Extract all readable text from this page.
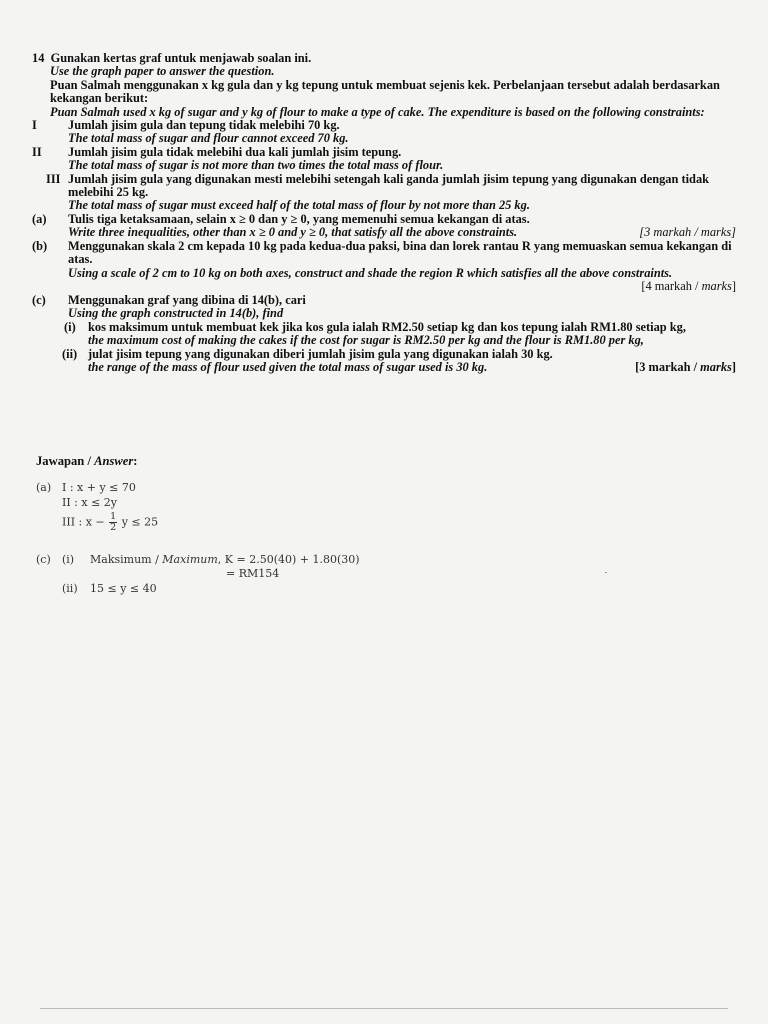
14 Gunakan kertas graf untuk menjawab soalan ini.
Use the graph paper to answer the question.
Puan Salmah menggunakan x kg gula dan y kg tepung untuk membuat sejenis kek. Perbelanjaan tersebut adalah berdasarkan kekangan berikut:
Puan Salmah used x kg of sugar and y kg of flour to make a type of cake. The expenditure is based on the following constraints:
I	Jumlah jisim gula dan tepung tidak melebihi 70 kg.
The total mass of sugar and flour cannot exceed 70 kg.
II Jumlah jisim gula tidak melebihi dua kali jumlah jisim tepung.
The total mass of sugar is not more than two times the total mass of flour.
III Jumlah jisim gula yang digunakan mesti melebihi setengah kali ganda jumlah jisim tepung yang digunakan dengan tidak melebihi 25 kg.
The total mass of sugar must exceed half of the total mass of flour by not more than 25 kg.
(a) Tulis tiga ketaksamaan, selain x ≥ 0 dan y ≥ 0, yang memenuhi semua kekangan di atas.
Write three inequalities, other than x ≥ 0 and y ≥ 0, that satisfy all the above constraints.	[3 markah / marks]
(b) Menggunakan skala 2 cm kepada 10 kg pada kedua-dua paksi, bina dan lorek rantau R yang memuaskan semua kekangan di atas.
Using a scale of 2 cm to 10 kg on both axes, construct and shade the region R which satisfies all the above constraints.
[4 markah / marks]
(c) Menggunakan graf yang dibina di 14(b), cari
Using the graph constructed in 14(b), find
(i) kos maksimum untuk membuat kek jika kos gula ialah RM2.50 setiap kg dan kos tepung ialah RM1.80 setiap kg,
the maximum cost of making the cakes if the cost for sugar is RM2.50 per kg and the flour is RM1.80 per kg,
(ii) julat jisim tepung yang digunakan diberi jumlah jisim gula yang digunakan ialah 30 kg.
the range of the mass of flour used given the total mass of sugar used is 30 kg.	[3 markah / marks]
Jawapan / Answer:
(a) I : x + y ≤ 70
II : x ≤ 2y
III : $x - \frac{1}{2}$ y ≤ 25
(c) (i) Maksimum / Maximum, K = 2.50(40) + 1.80(30)
= RM154
(ii) 15 ≤ y ≤ 40
